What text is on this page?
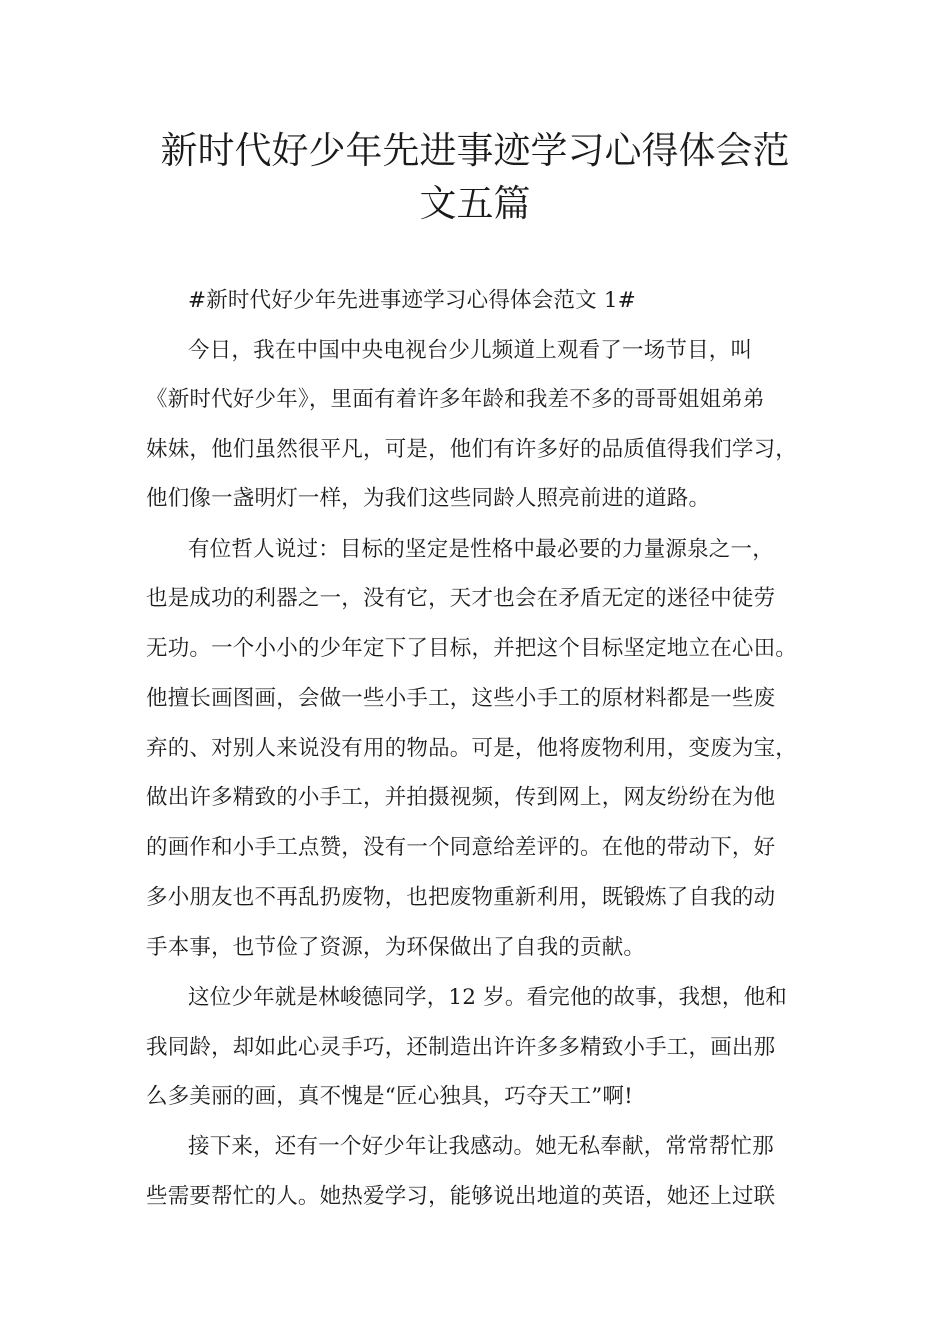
新时代好少年先进事迹学习心得体会范
文五篇
#新时代好少年先进事迹学习心得体会范文 1#
今日，我在中国中央电视台少儿频道上观看了一场节目，叫
《新时代好少年》，里面有着许多年龄和我差不多的哥哥姐姐弟弟
妹妹，他们虽然很平凡，可是，他们有许多好的品质值得我们学习，
他们像一盏明灯一样，为我们这些同龄人照亮前进的道路。
有位哲人说过：目标的坚定是性格中最必要的力量源泉之一，
也是成功的利器之一，没有它，天才也会在矛盾无定的迷径中徒劳
无功。一个小小的少年定下了目标，并把这个目标坚定地立在心田。
他擅长画图画，会做一些小手工，这些小手工的原材料都是一些废
弃的、对别人来说没有用的物品。可是，他将废物利用，变废为宝，
做出许多精致的小手工，并拍摄视频，传到网上，网友纷纷在为他
的画作和小手工点赞，没有一个同意给差评的。在他的带动下，好
多小朋友也不再乱扔废物，也把废物重新利用，既锻炼了自我的动
手本事，也节俭了资源，为环保做出了自我的贡献。
这位少年就是林峻德同学，12 岁。看完他的故事，我想，他和
我同龄，却如此心灵手巧，还制造出许许多多精致小手工，画出那
么多美丽的画，真不愧是“匠心独具，巧夺天工”啊!
接下来，还有一个好少年让我感动。她无私奉献，常常帮忙那
些需要帮忙的人。她热爱学习，能够说出地道的英语，她还上过联
